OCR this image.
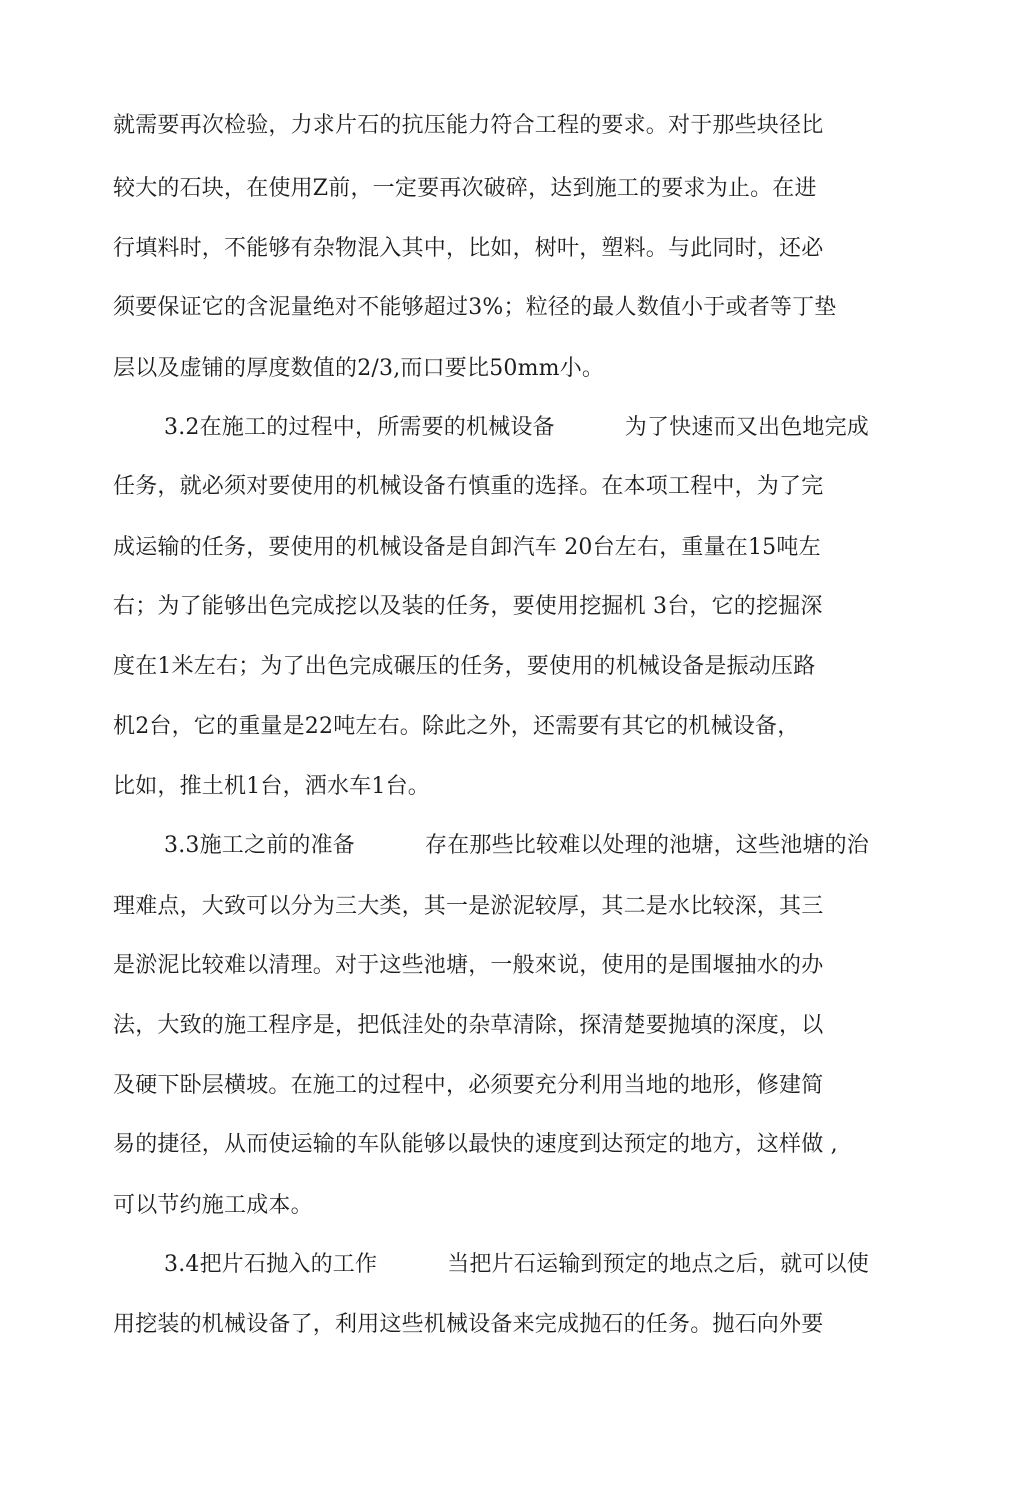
就需要再次检验，力求片石的抗压能力符合工程的要求。对于那些块径比
较大的石块，在使用Z前，一定要再次破碎，达到施工的要求为止。在进
行填料时，不能够有杂物混入其中，比如，树叶，塑料。与此同时，还必
须要保证它的含泥量绝对不能够超过3%；粒径的最人数值小于或者等丁垫
层以及虚铺的厚度数值的2/3,而口要比50mm小。
3.2在施工的过程中，所需要的机械设备	为了快速而又出色地完成
任务，就必须对要使用的机械设备冇慎重的选择。在本项工程中，为了完
成运输的任务，要使用的机械设备是自卸汽车 20台左右，重量在15吨左
右；为了能够出色完成挖以及装的任务，要使用挖掘机 3台，它的挖掘深
度在1米左右；为了出色完成碾压的任务，要使用的机械设备是振动压路
机2台，它的重量是22吨左右。除此之外，还需要有其它的机械设备，
比如，推土机1台，洒水车1台。
3.3施工之前的准备	存在那些比较难以处理的池塘，这些池塘的治
理难点，大致可以分为三大类，其一是淤泥较厚，其二是水比较深，其三
是淤泥比较难以清理。对于这些池塘，一般來说，使用的是围堰抽水的办
法，大致的施工程序是，把低洼处的杂草清除，探清楚要抛填的深度，以
及硬下卧层横坡。在施工的过程中，必须要充分利用当地的地形，修建简
易的捷径，从而使运输的车队能够以最快的速度到达预定的地方，这样做 ,
可以节约施工成本。
3.4把片石抛入的工作	当把片石运输到预定的地点之后，就可以使
用挖装的机械设备了，利用这些机械设备来完成抛石的任务。抛石向外要
